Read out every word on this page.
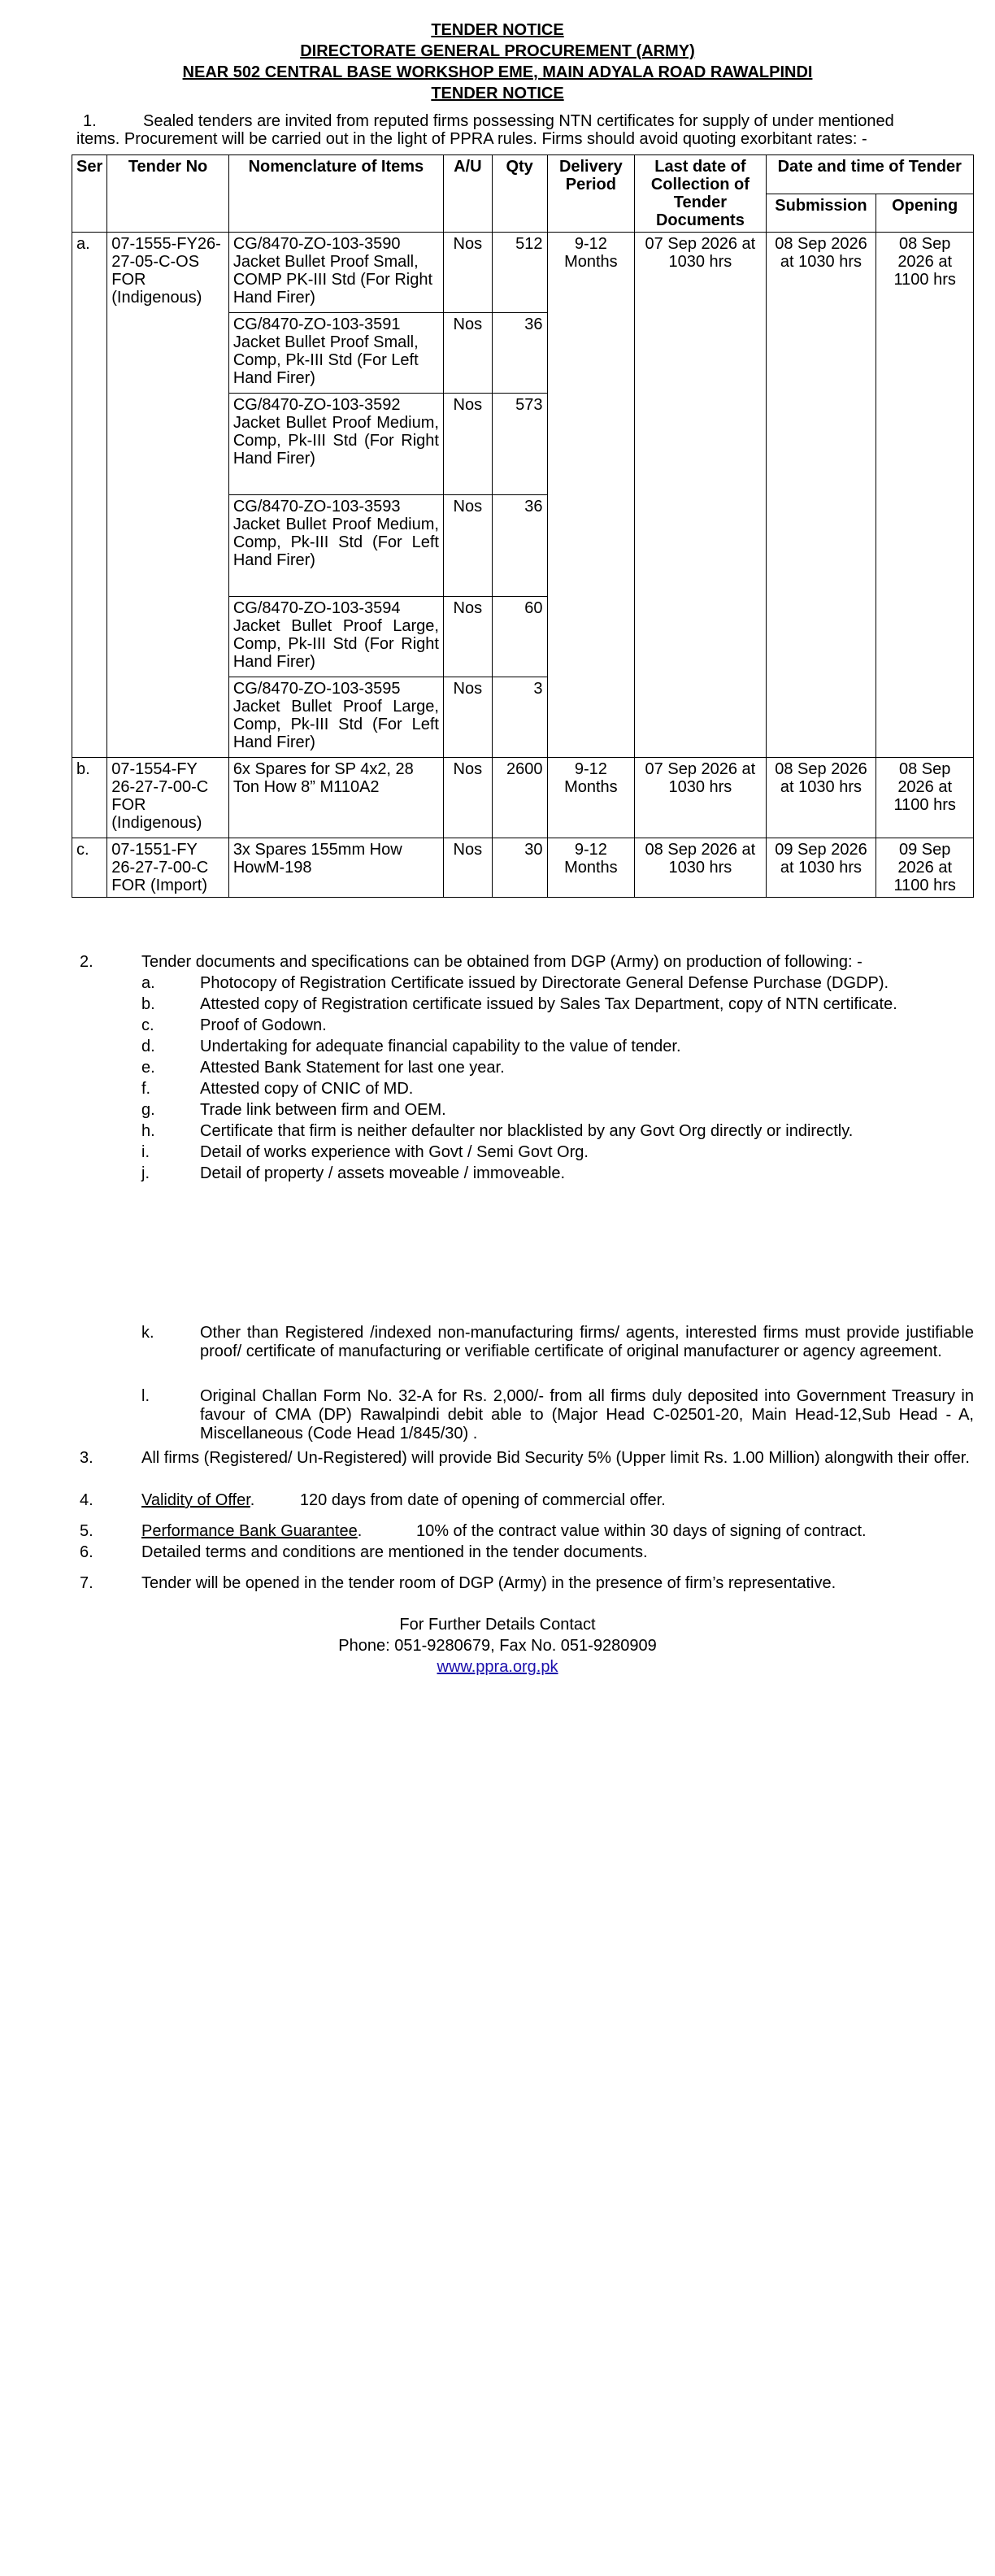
TENDER NOTICE
DIRECTORATE GENERAL PROCUREMENT (ARMY)
NEAR 502 CENTRAL BASE WORKSHOP EME, MAIN ADYALA ROAD RAWALPINDI
TENDER NOTICE
1.	Sealed tenders are invited from reputed firms possessing NTN certificates for supply of under mentioned
items. Procurement will be carried out in the light of PPRA rules. Firms should avoid quoting exorbitant rates: -
Ser	Tender No	Nomenclature of Items	A/U	Qty	Delivery Period	Last date of Collection of Tender Documents	Date and time of Tender	
							Submission	Opening
a.	07-1555-FY26-27-05-C-OS FOR (Indigenous)	CG/8470-ZO-103-3590 Jacket Bullet Proof Small, COMP PK-III Std (For Right Hand Firer)	Nos	512	9-12 Months	07 Sep 2026 at 1030 hrs	08 Sep 2026 at 1030 hrs	08 Sep 2026 at 1100 hrs
		CG/8470-ZO-103-3591 Jacket Bullet Proof Small, Comp, Pk-III Std (For Left Hand Firer)	Nos	36				
		CG/8470-ZO-103-3592 Jacket Bullet Proof Medium, Comp, Pk-III Std (For Right Hand Firer)	Nos	573				
		CG/8470-ZO-103-3593 Jacket Bullet Proof Medium, Comp, Pk-III Std (For Left Hand Firer)	Nos	36				
		CG/8470-ZO-103-3594 Jacket Bullet Proof Large, Comp, Pk-III Std (For Right Hand Firer)	Nos	60				
		CG/8470-ZO-103-3595 Jacket Bullet Proof Large, Comp, Pk-III Std (For Left Hand Firer)	Nos	3				
b.	07-1554-FY 26-27-7-00-C FOR (Indigenous)	6x Spares for SP 4x2, 28 Ton How 8” M110A2	Nos	2600	9-12 Months	07 Sep 2026 at 1030 hrs	08 Sep 2026 at 1030 hrs	08 Sep 2026 at 1100 hrs
c.	07-1551-FY 26-27-7-00-C FOR (Import)	3x Spares 155mm How HowM-198	Nos	30	9-12 Months	08 Sep 2026 at 1030 hrs	09 Sep 2026 at 1030 hrs	09 Sep 2026 at 1100 hrs
2.	Tender documents and specifications can be obtained from DGP (Army) on production of following: -
a.	Photocopy of Registration Certificate issued by Directorate General Defense Purchase (DGDP).
b.	Attested copy of Registration certificate issued by Sales Tax Department, copy of NTN certificate.
c.	Proof of Godown.
d.	Undertaking for adequate financial capability to the value of tender.
e.	Attested Bank Statement for last one year.
f.	Attested copy of CNIC of MD.
g.	Trade link between firm and OEM.
h.	Certificate that firm is neither defaulter nor blacklisted by any Govt Org directly or indirectly.
i.	Detail of works experience with Govt / Semi Govt Org.
j.	Detail of property / assets moveable / immoveable.
k.	Other than Registered /indexed non-manufacturing firms/ agents, interested firms must provide justifiable proof/ certificate of manufacturing or verifiable certificate of original manufacturer or agency agreement.
l.	Original Challan Form No. 32-A for Rs. 2,000/- from all firms duly deposited into Government Treasury in favour of CMA (DP) Rawalpindi debit able to (Major Head C-02501-20, Main Head-12,Sub Head - A, Miscellaneous (Code Head 1/845/30) .
3.	All firms (Registered/ Un-Registered) will provide Bid Security 5% (Upper limit Rs. 1.00 Million) alongwith their offer.
4.	Validity of Offer.          120 days from date of opening of commercial offer.
5.	Performance Bank Guarantee.            10% of the contract value within 30 days of signing of contract.
6.	Detailed terms and conditions are mentioned in the tender documents.
7.	Tender will be opened in the tender room of DGP (Army) in the presence of firm’s representative.
For Further Details Contact
Phone: 051-9280679, Fax No. 051-9280909
www.ppra.org.pk
